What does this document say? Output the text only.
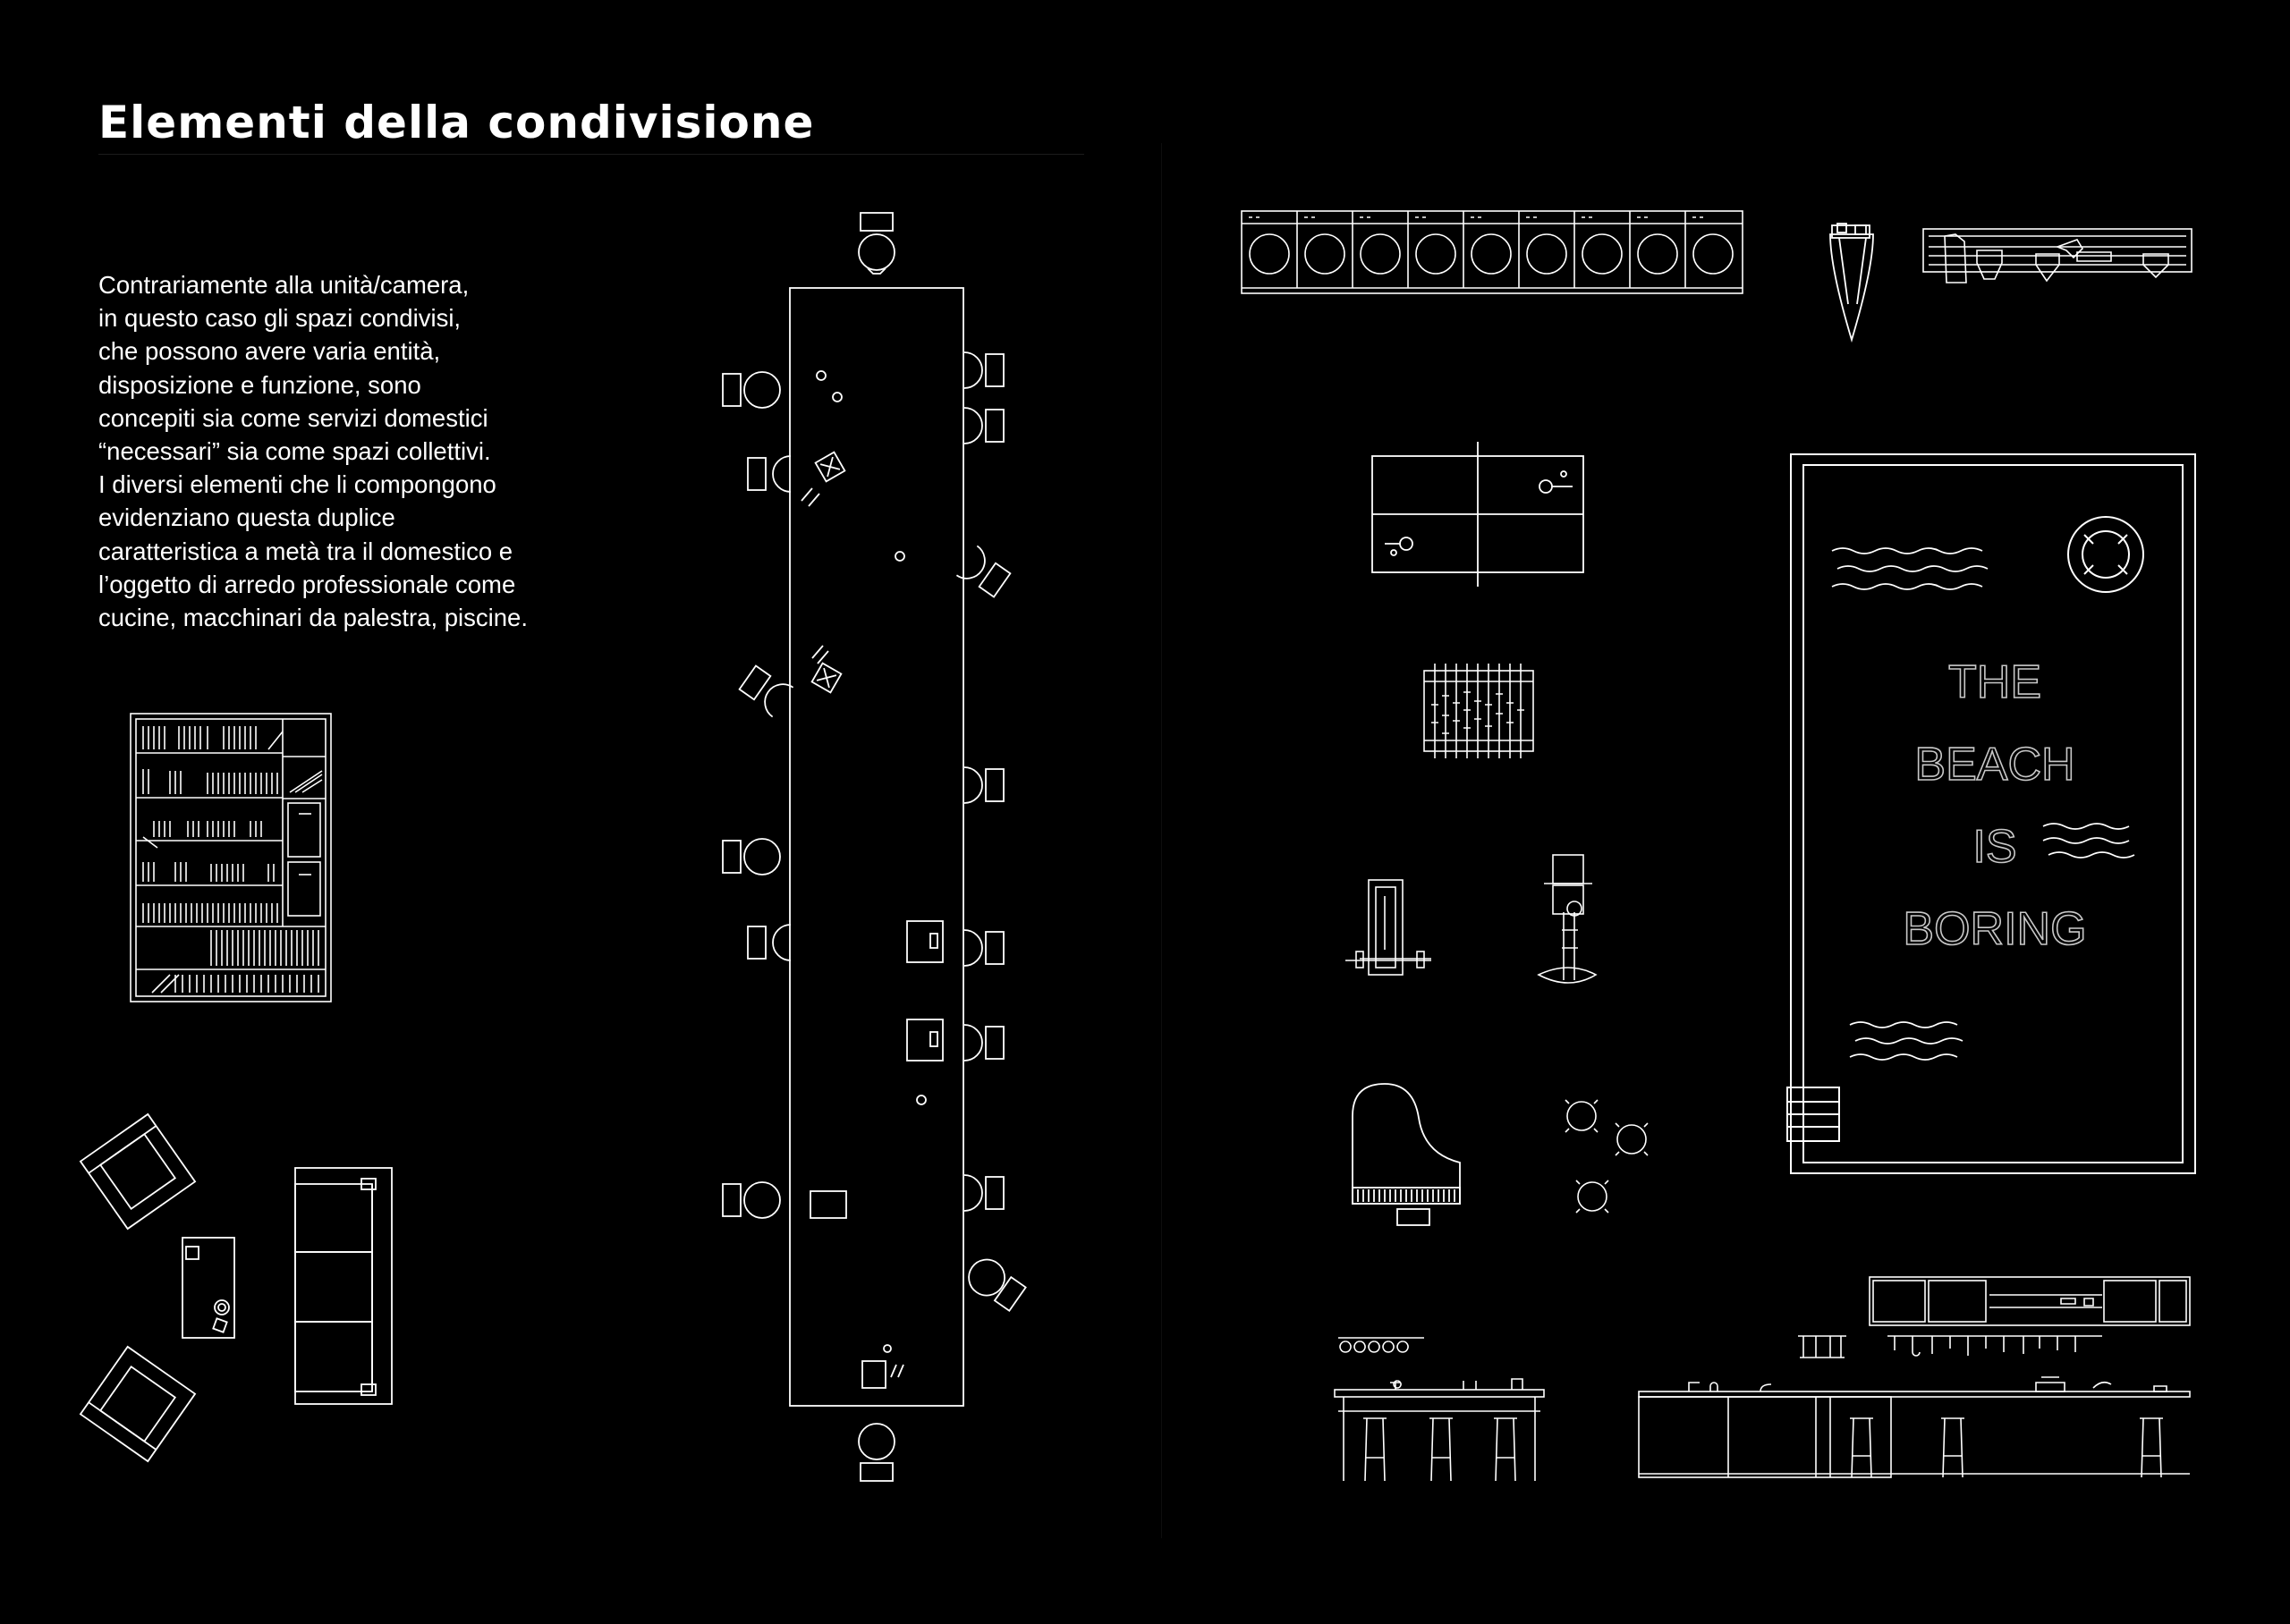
Elementi della condivisione
Contrariamente alla unità/camera,
in questo caso gli spazi condivisi,
che possono avere varia entità,
disposizione e funzione, sono
concepiti sia come servizi domestici
“necessari” sia come spazi collettivi.
I diversi elementi che li compongono
evidenziano questa duplice
caratteristica a metà tra il domestico e
l’oggetto di arredo professionale come
cucine, macchinari da palestra, piscine.
THE
BEACH
IS
BORING
